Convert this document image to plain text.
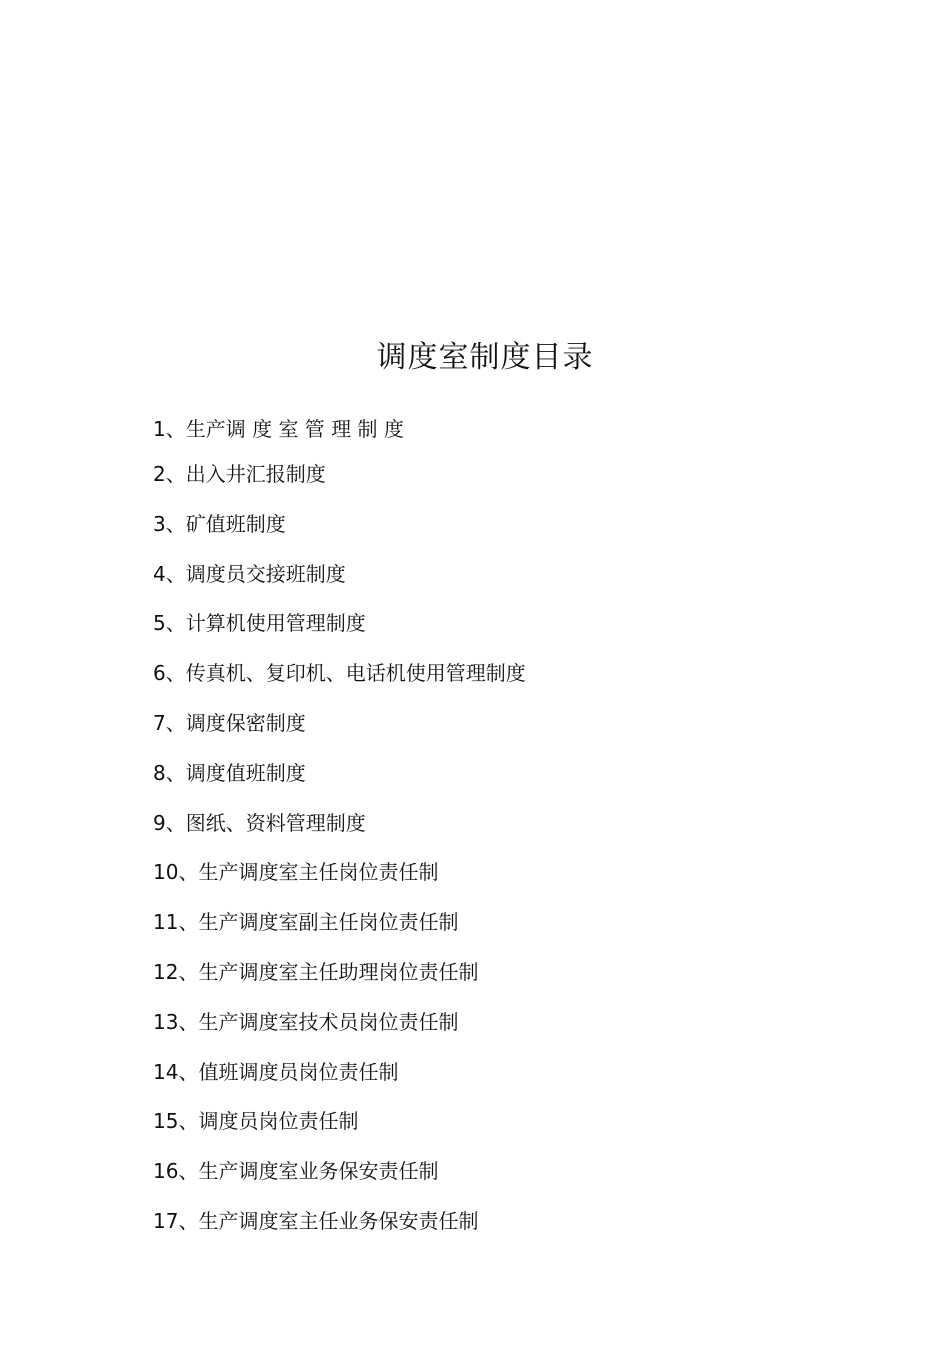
调度室制度目录
1、生产调 度 室 管 理 制 度
2、出入井汇报制度
3、矿值班制度
4、调度员交接班制度
5、计算机使用管理制度
6、传真机、复印机、电话机使用管理制度
7、调度保密制度
8、调度值班制度
9、图纸、资料管理制度
10、生产调度室主任岗位责任制
11、生产调度室副主任岗位责任制
12、生产调度室主任助理岗位责任制
13、生产调度室技术员岗位责任制
14、值班调度员岗位责任制
15、调度员岗位责任制
16、生产调度室业务保安责任制
17、生产调度室主任业务保安责任制
